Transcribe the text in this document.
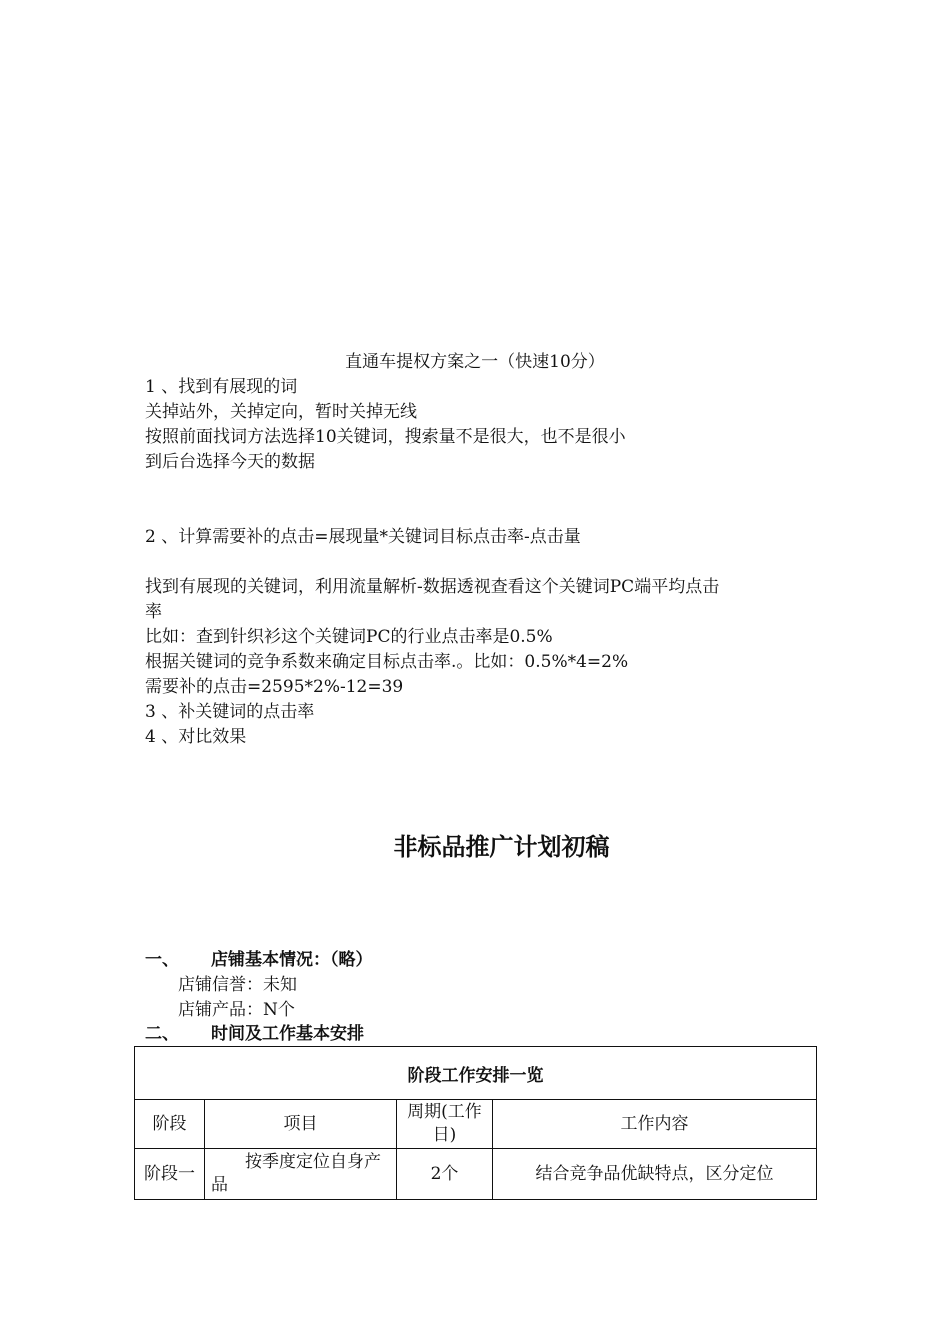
直通车提权方案之一（快速10分）
1 、找到有展现的词
关掉站外，关掉定向，暂时关掉无线
按照前面找词方法选择10关键词，搜索量不是很大，也不是很小
到后台选择今天的数据
2 、计算需要补的点击=展现量*关键词目标点击率-点击量
找到有展现的关键词，利用流量解析-数据透视查看这个关键词PC端平均点击
率
比如：查到针织衫这个关键词PC的行业点击率是0.5%
根据关键词的竞争系数来确定目标点击率.。比如：0.5%*4=2%
需要补的点击=2595*2%-12=39
3 、补关键词的点击率
4 、对比效果
非标品推广计划初稿
一、 店铺基本情况：（略）
店铺信誉：未知
店铺产品：N个
二、 时间及工作基本安排
阶段工作安排一览			
阶段	项目	周期(工作日)	工作内容
阶段一	按季度定位自身产品	2个	结合竞争品优缺特点，区分定位
